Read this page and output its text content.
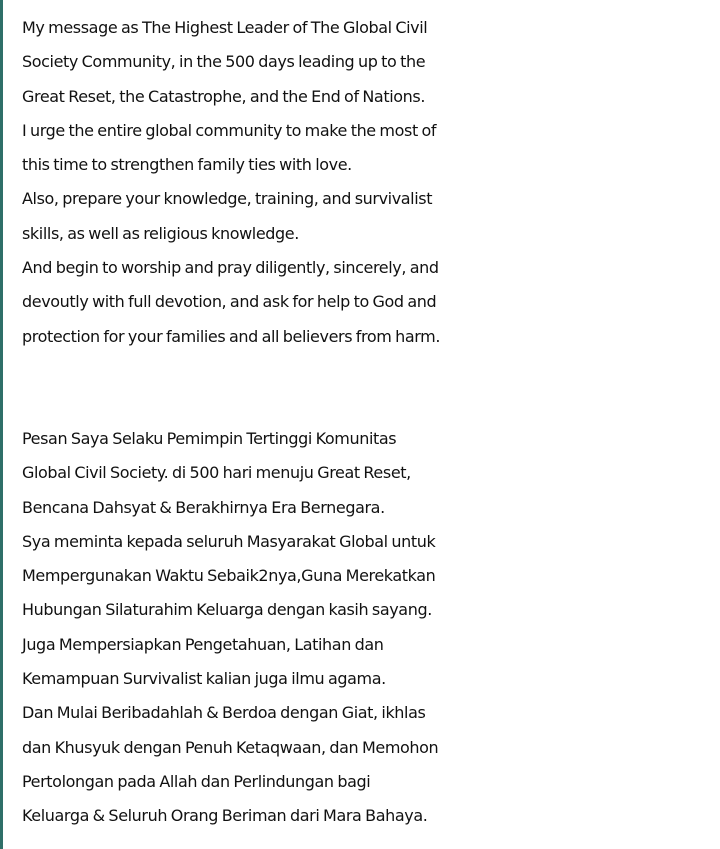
My message as The Highest Leader of The Global Civil
Society Community, in the 500 days leading up to the
Great Reset, the Catastrophe, and the End of Nations.
I urge the entire global community to make the most of
this time to strengthen family ties with love.
Also, prepare your knowledge, training, and survivalist
skills, as well as religious knowledge.
And begin to worship and pray diligently, sincerely, and
devoutly with full devotion, and ask for help to God and
protection for your families and all believers from harm.
Pesan Saya Selaku Pemimpin Tertinggi Komunitas
Global Civil Society. di 500 hari menuju Great Reset,
Bencana Dahsyat & Berakhirnya Era Bernegara.
Sya meminta kepada seluruh Masyarakat Global untuk
Mempergunakan Waktu Sebaik2nya,Guna Merekatkan
Hubungan Silaturahim Keluarga dengan kasih sayang.
Juga Mempersiapkan Pengetahuan, Latihan dan
Kemampuan Survivalist kalian juga ilmu agama.
Dan Mulai Beribadahlah & Berdoa dengan Giat, ikhlas
dan Khusyuk dengan Penuh Ketaqwaan, dan Memohon
Pertolongan pada Allah dan Perlindungan bagi
Keluarga & Seluruh Orang Beriman dari Mara Bahaya.
